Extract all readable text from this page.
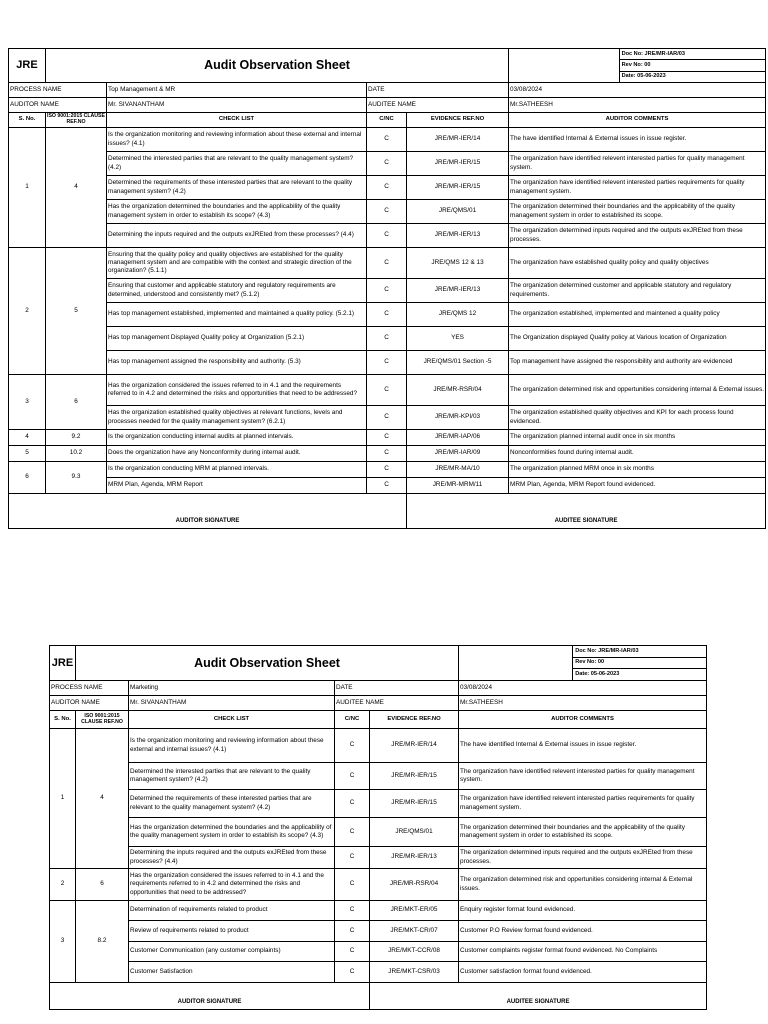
JRE	Audit Observation Sheet	
	Doc No: JRE/MR-IAR/03
	Rev No: 00
	Date: 05-06-2023

PROCESS NAME	Top Management & MR	DATE	03/08/2024
AUDITOR NAME	Mr. SIVANANTHAM	AUDITEE NAME	Mr.SATHEESH
S. No.	ISO 9001:2015 CLAUSE REF.NO	CHECK LIST	C/NC	EVIDENCE REF.NO	AUDITOR COMMENTS
1	4	Is the organization monitoring and reviewing information about these external and internal issues? (4.1)	C	JRE/MR-IER/14	The have identified Internal & External issues in issue register.
Determined the interested parties that are relevant to the quality management system? (4.2)	C	JRE/MR-IER/15	The organization have identified relevent interested parties for quality management system.
Determined the requirements of these interested parties that are relevant to the quality management system? (4.2)	C	JRE/MR-IER/15	The organization have identified relevent interested parties requirements for quality management system.
Has the organization determined the boundaries and the applicability of the quality management system in order to establish its scope? (4.3)	C	JRE/QMS/01	The organization determined their boundaries and the applicability of the quality management system in order to established its scope.
Determining the inputs required and the outputs exJREted from these processes? (4.4)	C	JRE/MR-IER/13	The organization determined inputs required and the outputs exJREted from these processes.
2	5	Ensuring that the quality policy and quality objectives are established for the quality management system and are compatible with the context and strategic direction of the organization? (5.1.1)	C	JRE/QMS 12 & 13	The organization have established quality policy and quality objectives
Ensuring that customer and applicable statutory and regulatory requirements are determined, understood and consistently met? (5.1.2)	C	JRE/MR-IER/13	The organization determined customer and applicable statutory and regulatory requirements.
Has top management established, implemented and maintained a quality policy. (5.2.1)	C	JRE/QMS 12	The organization established, implemented and maintened a quality policy
Has top management Displayed Quality policy at Organization (5.2.1)	C	YES	The Organization displayed Quality policy at Various location of Organization
Has top management assigned the responsibility and authority. (5.3)	C	JRE/QMS/01 Section -5	Top management have assigned the responsibility and authority are evidenced
3	6	Has the organization considered the issues referred to in 4.1 and the requirements referred to in 4.2 and determined the risks and opportunities that need to be addressed?	C	JRE/MR-RSR/04	The organization determined risk and oppertunities considering internal & External issues.
Has the organization established quality objectives at relevant functions, levels and processes needed for the quality management system? (6.2.1)	C	JRE/MR-KPI/03	The organization established quality objectives and KPI for each process found evidenced.
4	9.2	Is the organization conducting internal audits at planned intervals.	C	JRE/MR-IAP/06	The organization planned internal audit once in six months
5	10.2	Does the organization have any Nonconformity during internal audit.	C	JRE/MR-IAR/09	Nonconformities found during internal audit.
6	9.3	Is the organization conducting MRM at planned intervals.	C	JRE/MR-MA/10	The organization planned MRM once in six months
MRM Plan, Agenda, MRM Report	C	JRE/MR-MRM/11	MRM Plan, Agenda, MRM Report found evidenced.
AUDITOR SIGNATURE	AUDITEE SIGNATURE
JRE	Audit Observation Sheet	
	Doc No: JRE/MR-IAR/03
	Rev No: 00
	Date: 05-06-2023

PROCESS NAME	Marketing	DATE	03/08/2024
AUDITOR NAME	Mr. SIVANANTHAM	AUDITEE NAME	Mr.SATHEESH
S. No.	ISO 9001:2015 CLAUSE REF.NO	CHECK LIST	C/NC	EVIDENCE REF.NO	AUDITOR COMMENTS
1	4	Is the organization monitoring and reviewing information about these external and internal issues? (4.1)	C	JRE/MR-IER/14	The have identified Internal & External issues in issue register.
Determined the interested parties that are relevant to the quality management system? (4.2)	C	JRE/MR-IER/15	The organization have identified relevent interested parties for quality management system.
Determined the requirements of these interested parties that are relevant to the quality management system? (4.2)	C	JRE/MR-IER/15	The organization have identified relevent interested parties requirements for quality management system.
Has the organization determined the boundaries and the applicability of the quality management system in order to establish its scope? (4.3)	C	JRE/QMS/01	The organization determined their boundaries and the applicability of the quality management system in order to established its scope.
Determining the inputs required and the outputs exJREted from these processes? (4.4)	C	JRE/MR-IER/13	The organization determined inputs required and the outputs exJREted from these processes.
2	6	Has the organization considered the issues referred to in 4.1 and the requirements referred to in 4.2 and determined the risks and opportunities that need to be addressed?	C	JRE/MR-RSR/04	The organization determined risk and oppertunities considering internal & External issues.
3	8.2	Determination of requirements related to product	C	JRE/MKT-ER/05	Enquiry register format found evidenced.
Review of requirements related to product	C	JRE/MKT-CR/07	Customer P.O Review format found evidenced.
Customer Communication (any customer complaints)	C	JRE/MKT-CCR/08	Customer complaints register format found evidenced. No Complaints
Customer Satisfaction	C	JRE/MKT-CSR/03	Customer satisfaction format found evidenced.
AUDITOR SIGNATURE	AUDITEE SIGNATURE
